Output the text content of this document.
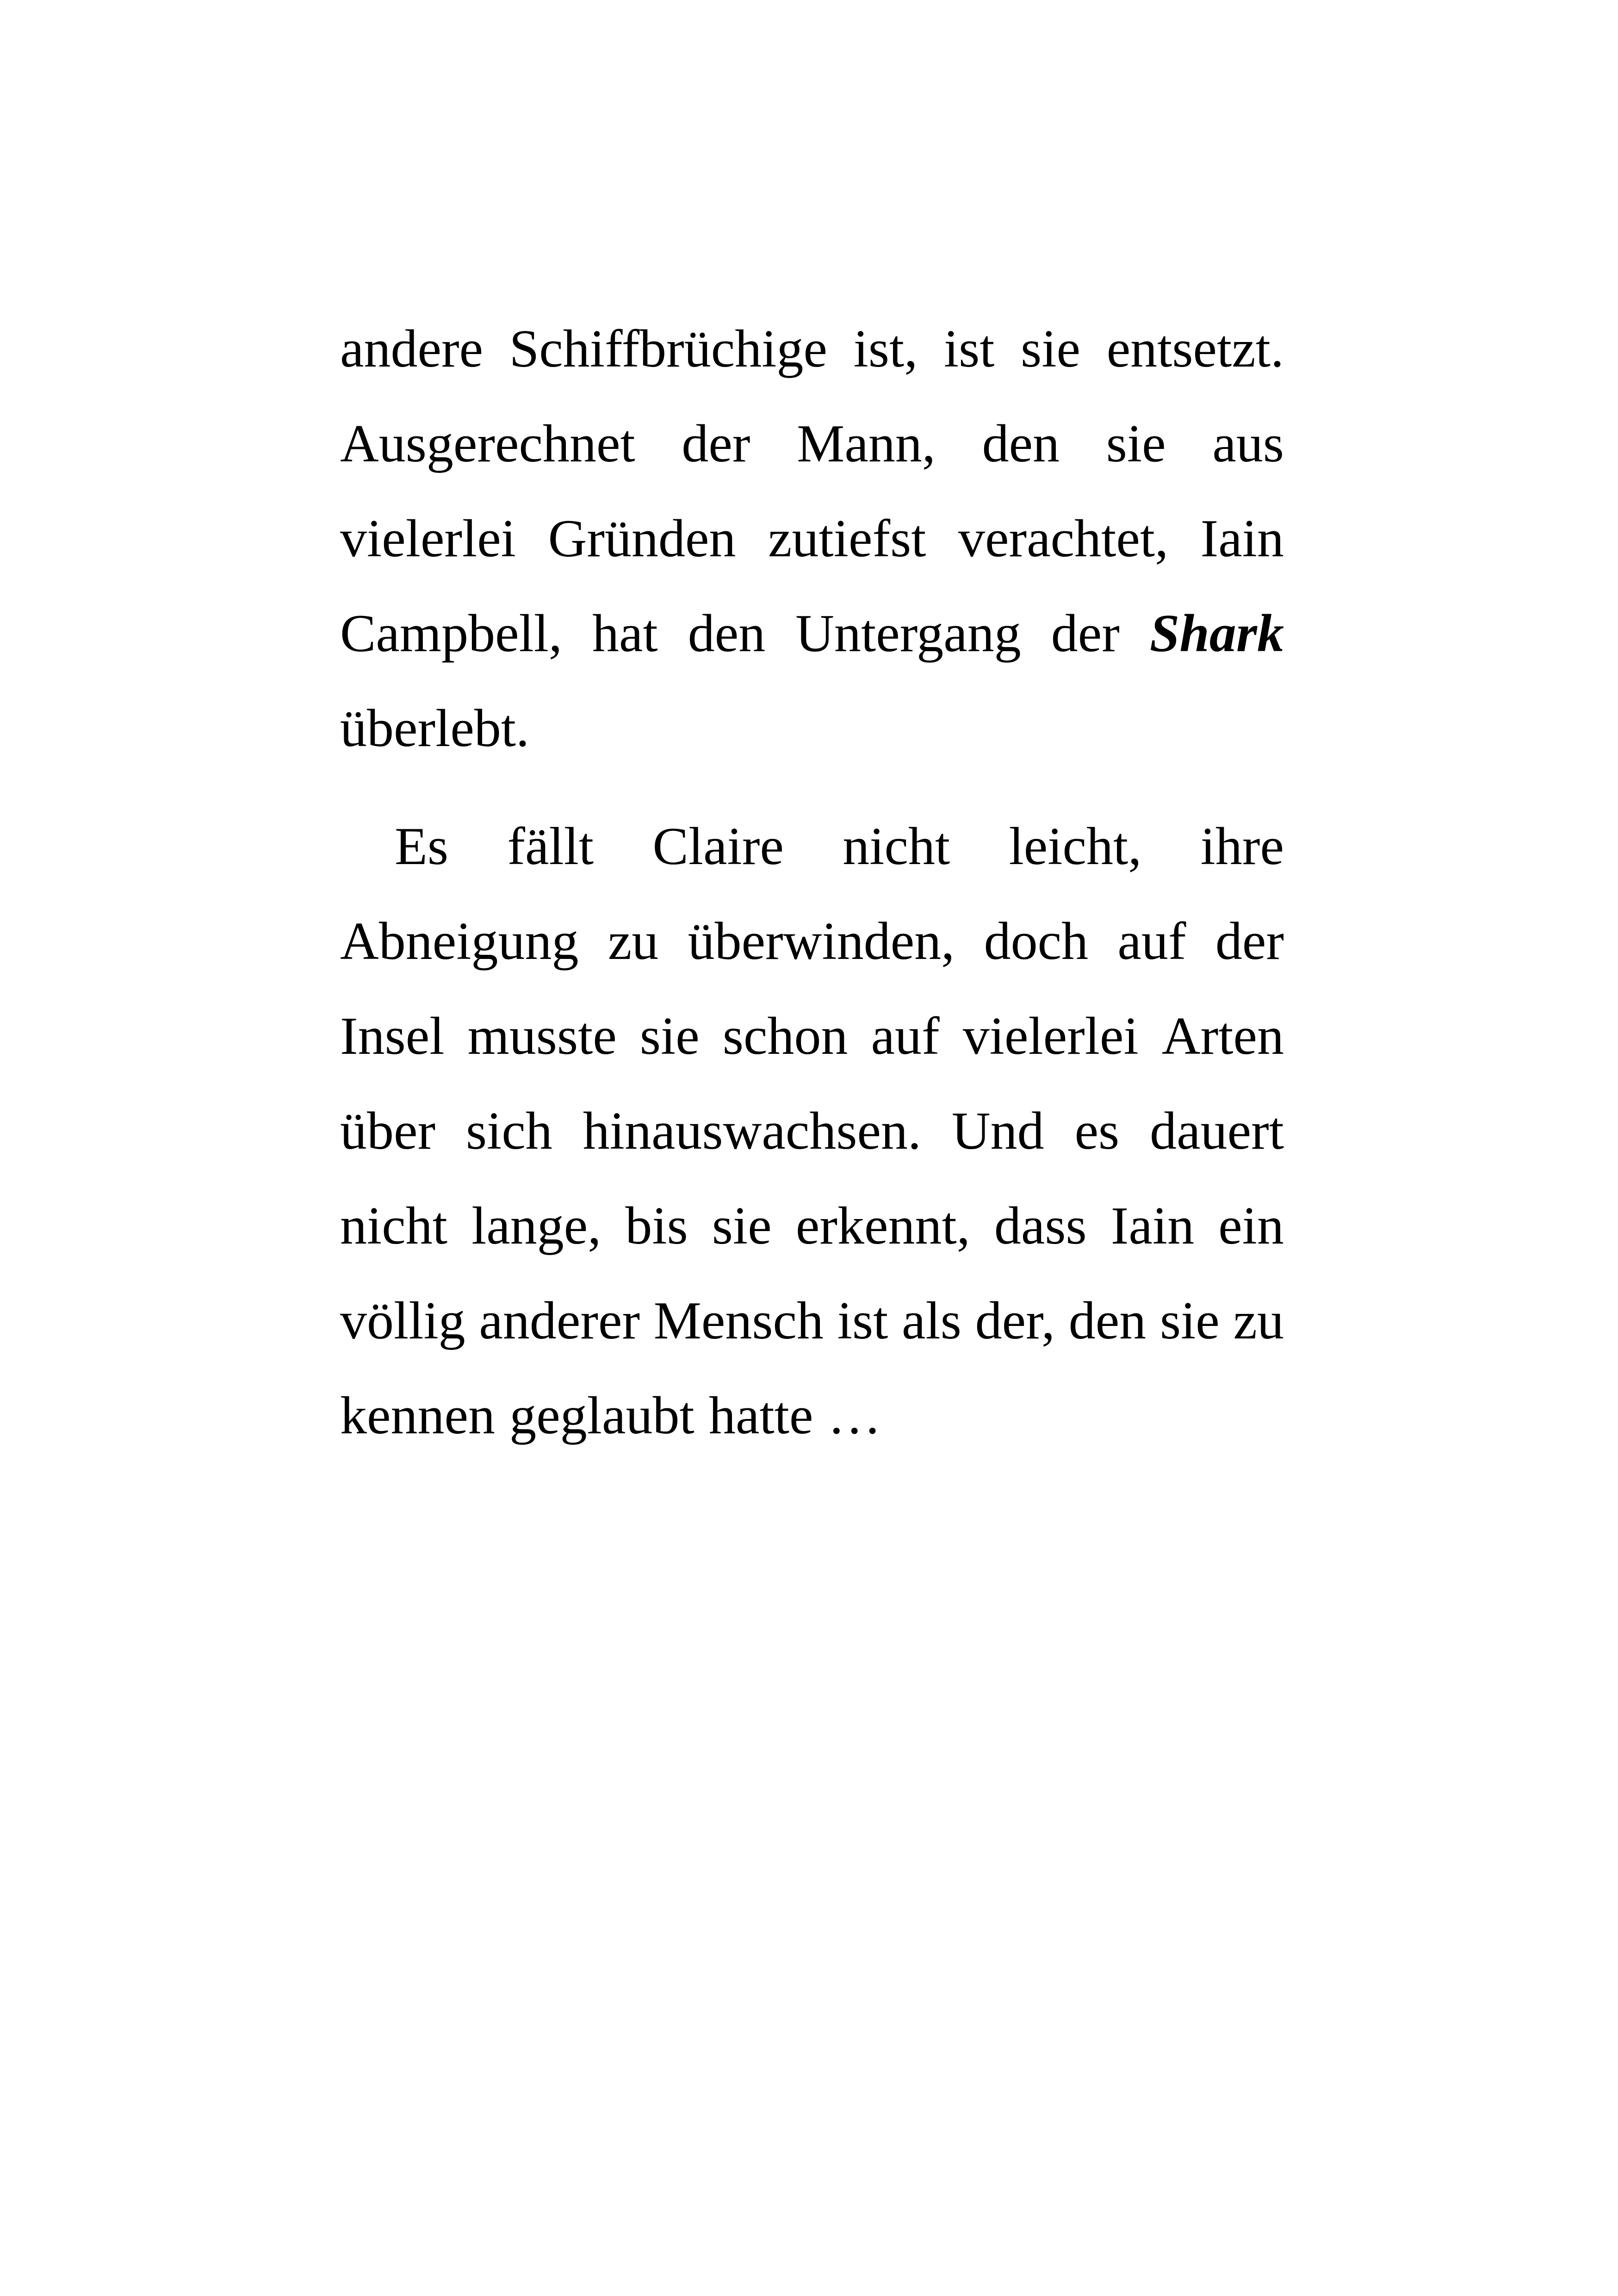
andere Schiffbrüchige ist, ist sie entsetzt.
Ausgerechnet der Mann, den sie aus
vielerlei Gründen zutiefst verachtet, Iain
Campbell, hat den Untergang der Shark
überlebt.
Es fällt Claire nicht leicht, ihre
Abneigung zu überwinden, doch auf der
Insel musste sie schon auf vielerlei Arten
über sich hinauswachsen. Und es dauert
nicht lange, bis sie erkennt, dass Iain ein
völlig anderer Mensch ist als der, den sie zu
kennen geglaubt hatte …
